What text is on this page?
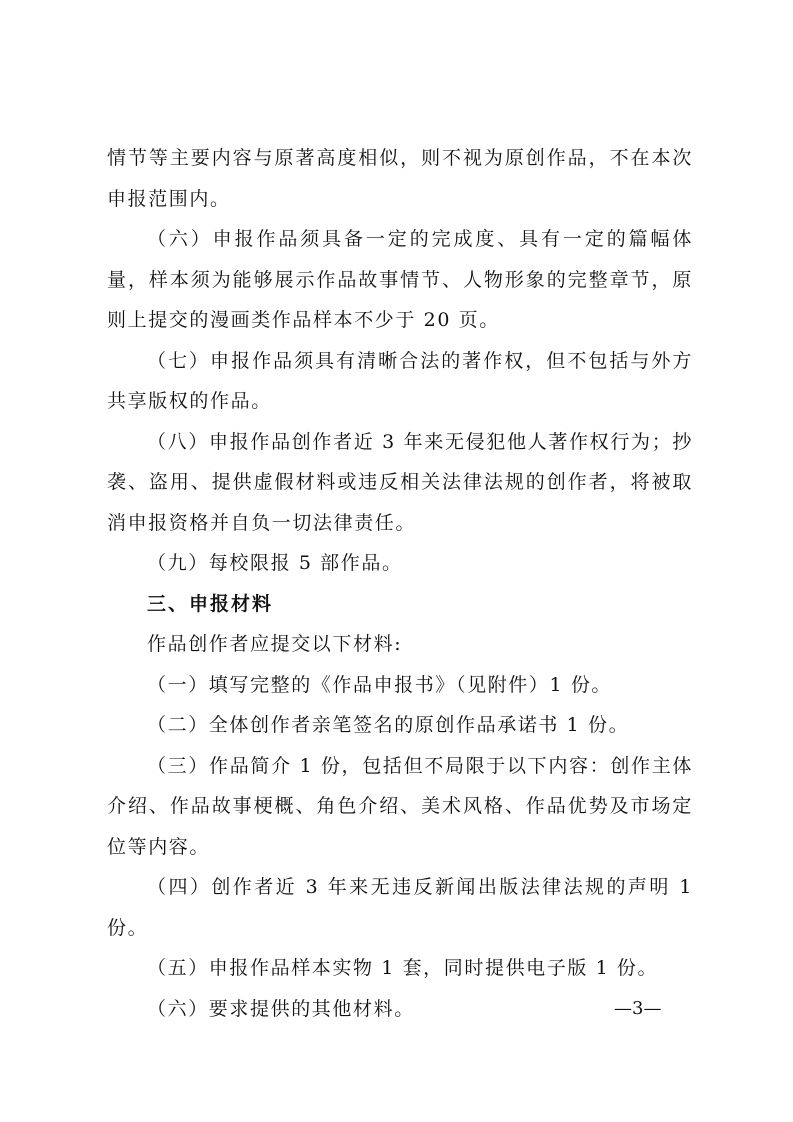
情节等主要内容与原著高度相似，则不视为原创作品，不在本次申报范围内。

（六）申报作品须具备一定的完成度、具有一定的篇幅体量，样本须为能够展示作品故事情节、人物形象的完整章节，原则上提交的漫画类作品样本不少于 20 页。

（七）申报作品须具有清晰合法的著作权，但不包括与外方共享版权的作品。

（八）申报作品创作者近 3 年来无侵犯他人著作权行为；抄袭、盗用、提供虚假材料或违反相关法律法规的创作者，将被取消申报资格并自负一切法律责任。

（九）每校限报 5 部作品。

三、申报材料

作品创作者应提交以下材料:

（一）填写完整的《作品申报书》（见附件）1 份。

（二）全体创作者亲笔签名的原创作品承诺书 1 份。

（三）作品简介 1 份，包括但不局限于以下内容：创作主体介绍、作品故事梗概、角色介绍、美术风格、作品优势及市场定位等内容。

（四）创作者近 3 年来无违反新闻出版法律法规的声明 1 份。

（五）申报作品样本实物 1 套，同时提供电子版 1 份。

（六）要求提供的其他材料。	—3—
